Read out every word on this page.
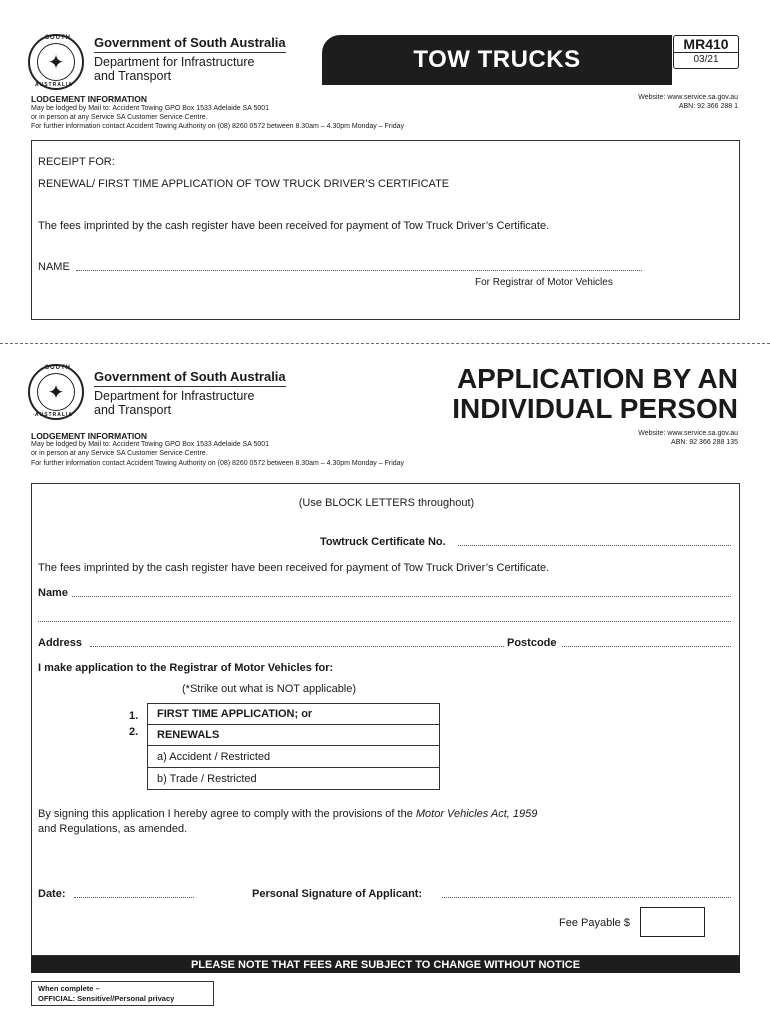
✦
SOUTH
AUSTRALIA
Government of South Australia
Department for Infrastructure
and Transport
TOW TRUCKS
MR410
03/21
LODGEMENT INFORMATION
May be lodged by Mail to: Accident Towing GPO Box 1533 Adelaide SA 5001
or in person at any Service SA Customer Service Centre.
For further information contact Accident Towing Authority on (08) 8260 0572 between 8.30am – 4.30pm Monday – Friday
Website: www.service.sa.gov.au
ABN: 92 366 288 1
RECEIPT FOR:
RENEWAL/ FIRST TIME APPLICATION OF TOW TRUCK DRIVER’S CERTIFICATE
The fees imprinted by the cash register have been received for payment of Tow Truck Driver’s Certificate.
NAME
For Registrar of Motor Vehicles
✦
SOUTH
AUSTRALIA
Government of South Australia
Department for Infrastructure
and Transport
APPLICATION BY AN
INDIVIDUAL PERSON
LODGEMENT INFORMATION
May be lodged by Mail to: Accident Towing GPO Box 1533 Adelaide SA 5001
or in person at any Service SA Customer Service Centre.
For further information contact Accident Towing Authority on (08) 8260 0572 between 8.30am – 4.30pm Monday – Friday
Website: www.service.sa.gov.au
ABN: 92 366 288 135
(Use BLOCK LETTERS throughout)
Towtruck Certificate No.
The fees imprinted by the cash register have been received for payment of Tow Truck Driver’s Certificate.
Name
Address	Postcode
I make application to the Registrar of Motor Vehicles for:
(*Strike out what is NOT applicable)
1.
2.
FIRST TIME APPLICATION; or
RENEWALS
a) Accident / Restricted
b) Trade / Restricted
By signing this application I hereby agree to comply with the provisions of the Motor Vehicles Act, 1959
and Regulations, as amended.
Date:	Personal Signature of Applicant:
Fee Payable $
PLEASE NOTE THAT FEES ARE SUBJECT TO CHANGE WITHOUT NOTICE
When complete –
OFFICIAL: Sensitive//Personal privacy
